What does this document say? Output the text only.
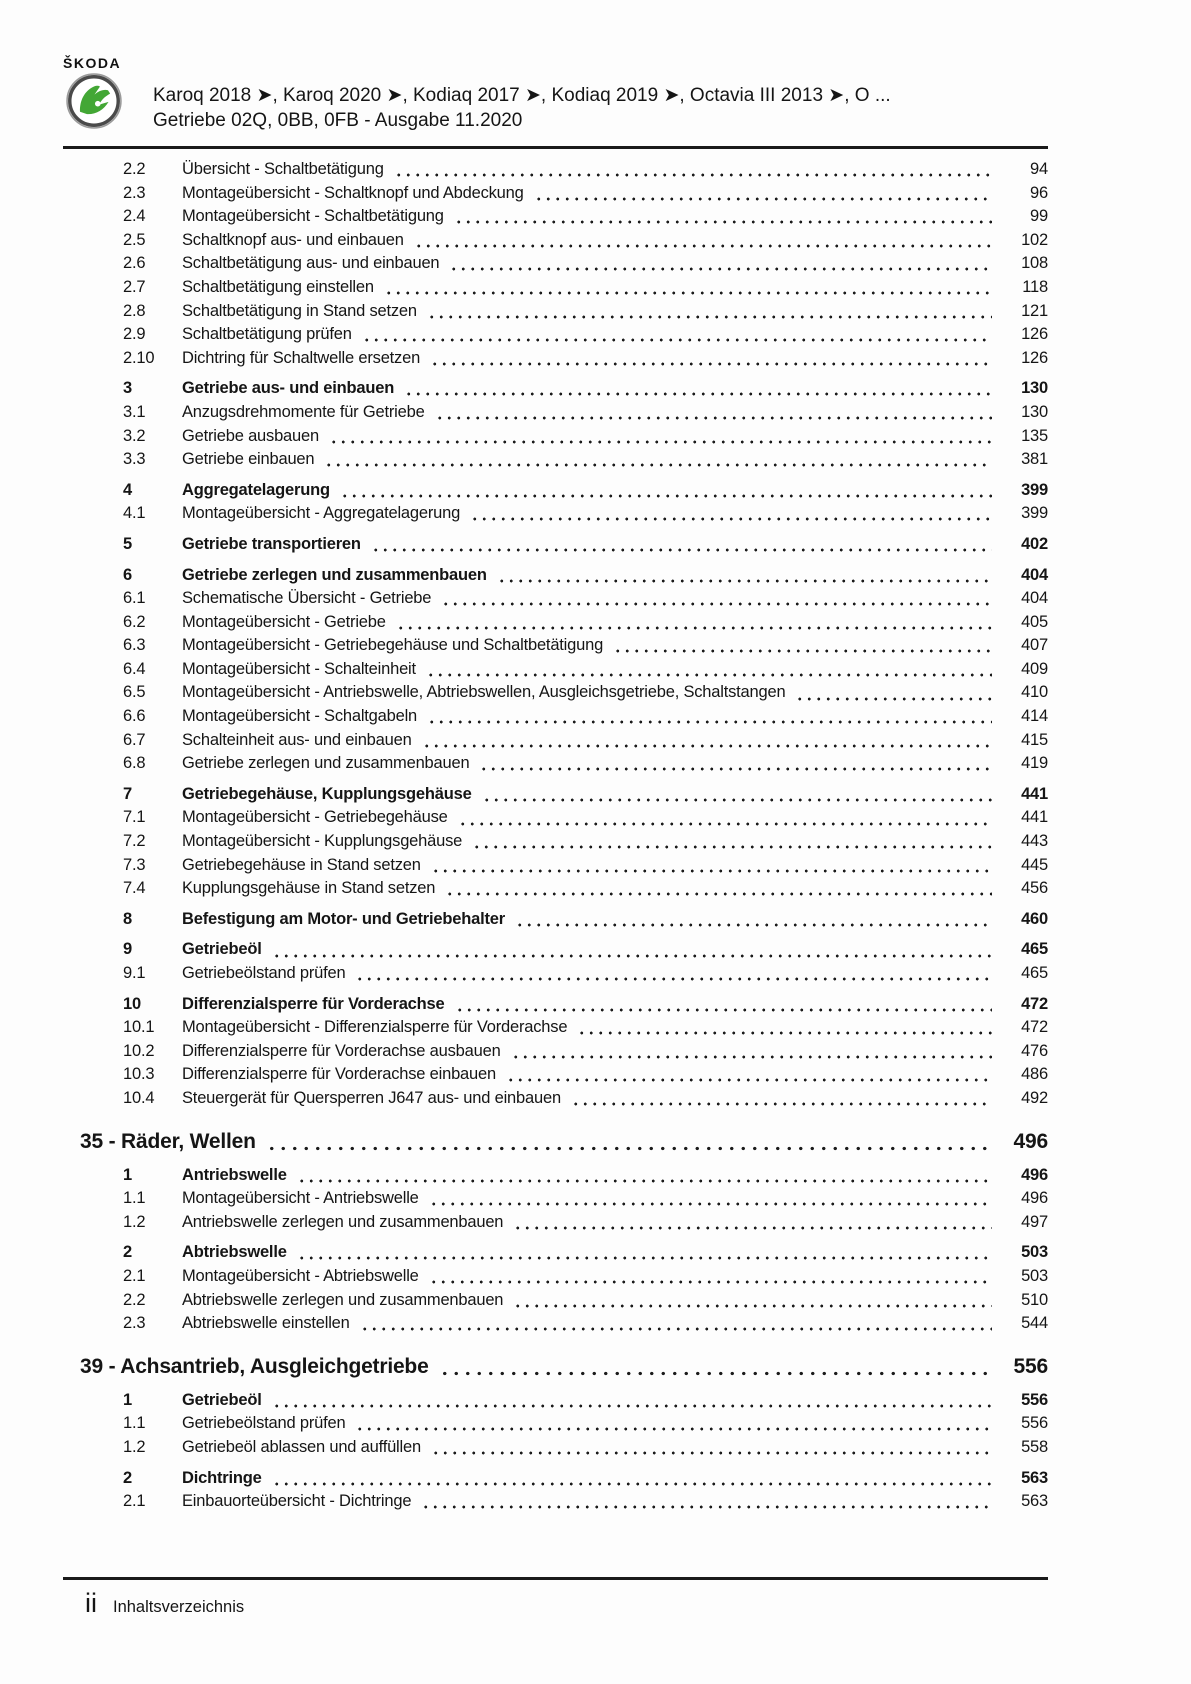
ŠKODA
Karoq 2018 ➤, Karoq 2020 ➤, Kodiaq 2017 ➤, Kodiaq 2019 ➤, Octavia III 2013 ➤, O ...
Getriebe 02Q, 0BB, 0FB - Ausgabe 11.2020
2.2	Übersicht - Schaltbetätigung	94
2.3	Montageübersicht - Schaltknopf und Abdeckung	96
2.4	Montageübersicht - Schaltbetätigung	99
2.5	Schaltknopf aus- und einbauen	102
2.6	Schaltbetätigung aus- und einbauen	108
2.7	Schaltbetätigung einstellen	118
2.8	Schaltbetätigung in Stand setzen	121
2.9	Schaltbetätigung prüfen	126
2.10	Dichtring für Schaltwelle ersetzen	126
3	Getriebe aus- und einbauen	130
3.1	Anzugsdrehmomente für Getriebe	130
3.2	Getriebe ausbauen	135
3.3	Getriebe einbauen	381
4	Aggregatelagerung	399
4.1	Montageübersicht - Aggregatelagerung	399
5	Getriebe transportieren	402
6	Getriebe zerlegen und zusammenbauen	404
6.1	Schematische Übersicht - Getriebe	404
6.2	Montageübersicht - Getriebe	405
6.3	Montageübersicht - Getriebegehäuse und Schaltbetätigung	407
6.4	Montageübersicht - Schalteinheit	409
6.5	Montageübersicht - Antriebswelle, Abtriebswellen, Ausgleichsgetriebe, Schaltstangen	410
6.6	Montageübersicht - Schaltgabeln	414
6.7	Schalteinheit aus- und einbauen	415
6.8	Getriebe zerlegen und zusammenbauen	419
7	Getriebegehäuse, Kupplungsgehäuse	441
7.1	Montageübersicht - Getriebegehäuse	441
7.2	Montageübersicht - Kupplungsgehäuse	443
7.3	Getriebegehäuse in Stand setzen	445
7.4	Kupplungsgehäuse in Stand setzen	456
8	Befestigung am Motor- und Getriebehalter	460
9	Getriebeöl	465
9.1	Getriebeölstand prüfen	465
10	Differenzialsperre für Vorderachse	472
10.1	Montageübersicht - Differenzialsperre für Vorderachse	472
10.2	Differenzialsperre für Vorderachse ausbauen	476
10.3	Differenzialsperre für Vorderachse einbauen	486
10.4	Steuergerät für Quersperren J647 aus- und einbauen	492
35 - Räder, Wellen	496
1	Antriebswelle	496
1.1	Montageübersicht - Antriebswelle	496
1.2	Antriebswelle zerlegen und zusammenbauen	497
2	Abtriebswelle	503
2.1	Montageübersicht - Abtriebswelle	503
2.2	Abtriebswelle zerlegen und zusammenbauen	510
2.3	Abtriebswelle einstellen	544
39 - Achsantrieb, Ausgleichgetriebe	556
1	Getriebeöl	556
1.1	Getriebeölstand prüfen	556
1.2	Getriebeöl ablassen und auffüllen	558
2	Dichtringe	563
2.1	Einbauorteübersicht - Dichtringe	563
ii Inhaltsverzeichnis
